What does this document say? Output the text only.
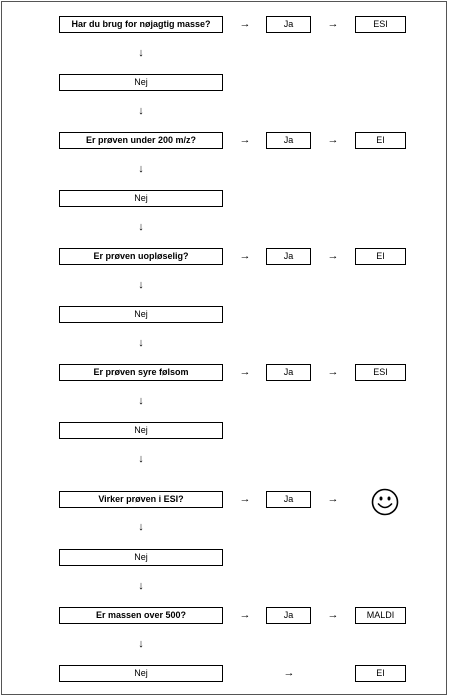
Har du brug for nøjagtig masse?	→	Ja	→	ESI
↓
Nej
↓
Er prøven under 200 m/z?	→	Ja	→	EI
↓
Nej
↓
Er prøven uopløselig?	→	Ja	→	EI
↓
Nej
↓
Er prøven syre følsom	→	Ja	→	ESI
↓
Nej
↓
Virker prøven i ESI?	→	Ja	→
↓
Nej
↓
Er massen over 500?	→	Ja	→	MALDI
↓
Nej	→	EI
